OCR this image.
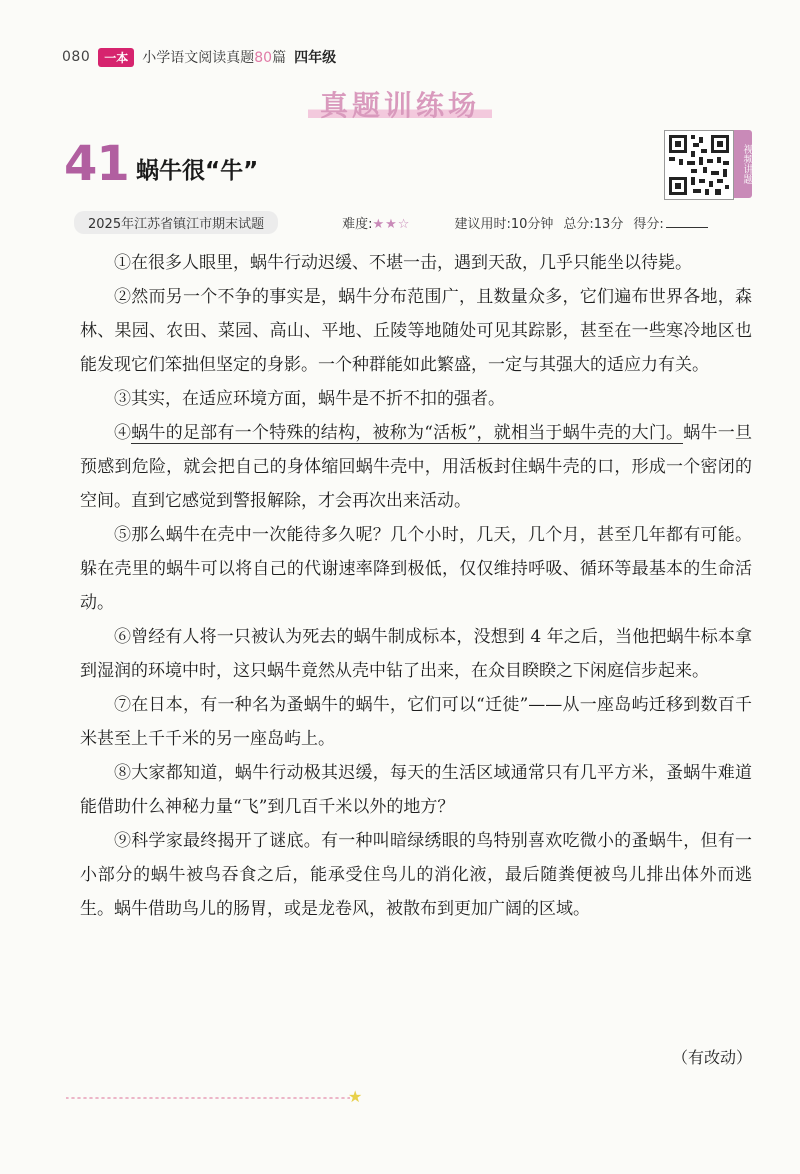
080	一本	小学语文阅读真题80篇 四年级
真题训练场
41 蜗牛很“牛”	视频讲题
2025年江苏省镇江市期末试题	难度:★★☆	建议用时:10分钟 总分:13分 得分:

①在很多人眼里，蜗牛行动迟缓、不堪一击，遇到天敌，几乎只能坐以待毙。

②然而另一个不争的事实是，蜗牛分布范围广，且数量众多，它们遍布世界各地，森林、果园、农田、菜园、高山、平地、丘陵等地随处可见其踪影，甚至在一些寒冷地区也能发现它们笨拙但坚定的身影。一个种群能如此繁盛，一定与其强大的适应力有关。

③其实，在适应环境方面，蜗牛是不折不扣的强者。

④蜗牛的足部有一个特殊的结构，被称为“活板”，就相当于蜗牛壳的大门。蜗牛一旦预感到危险，就会把自己的身体缩回蜗牛壳中，用活板封住蜗牛壳的口，形成一个密闭的空间。直到它感觉到警报解除，才会再次出来活动。

⑤那么蜗牛在壳中一次能待多久呢？几个小时，几天，几个月，甚至几年都有可能。躲在壳里的蜗牛可以将自己的代谢速率降到极低，仅仅维持呼吸、循环等最基本的生命活动。

⑥曾经有人将一只被认为死去的蜗牛制成标本，没想到 4 年之后，当他把蜗牛标本拿到湿润的环境中时，这只蜗牛竟然从壳中钻了出来，在众目睽睽之下闲庭信步起来。

⑦在日本，有一种名为蚤蜗牛的蜗牛，它们可以“迁徙”——从一座岛屿迁移到数百千米甚至上千千米的另一座岛屿上。

⑧大家都知道，蜗牛行动极其迟缓，每天的生活区域通常只有几平方米，蚤蜗牛难道能借助什么神秘力量“飞”到几百千米以外的地方？

⑨科学家最终揭开了谜底。有一种叫暗绿绣眼的鸟特别喜欢吃微小的蚤蜗牛，但有一小部分的蜗牛被鸟吞食之后，能承受住鸟儿的消化液，最后随粪便被鸟儿排出体外而逃生。蜗牛借助鸟儿的肠胃，或是龙卷风，被散布到更加广阔的区域。

（有改动）
★
